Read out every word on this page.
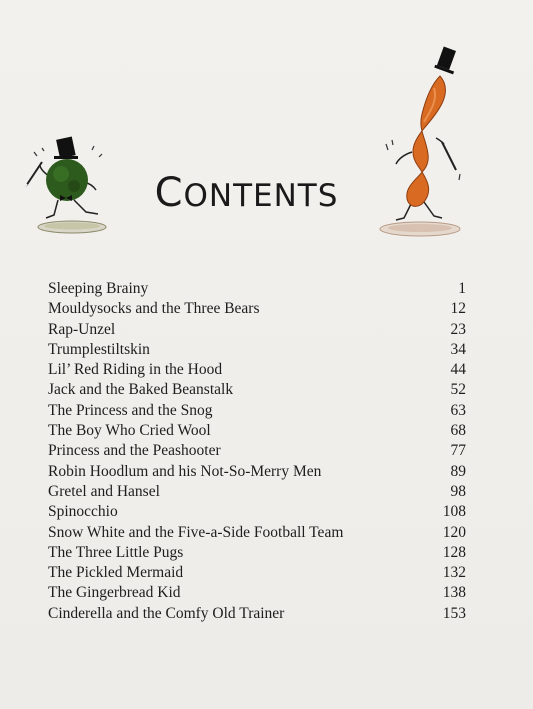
CONTENTS
Sleeping Brainy	1
Mouldysocks and the Three Bears	12
Rap-Unzel	23
Trumplestiltskin	34
Lil’ Red Riding in the Hood	44
Jack and the Baked Beanstalk	52
The Princess and the Snog	63
The Boy Who Cried Wool	68
Princess and the Peashooter	77
Robin Hoodlum and his Not-So-Merry Men	89
Gretel and Hansel	98
Spinocchio	108
Snow White and the Five-a-Side Football Team	120
The Three Little Pugs	128
The Pickled Mermaid	132
The Gingerbread Kid	138
Cinderella and the Comfy Old Trainer	153
